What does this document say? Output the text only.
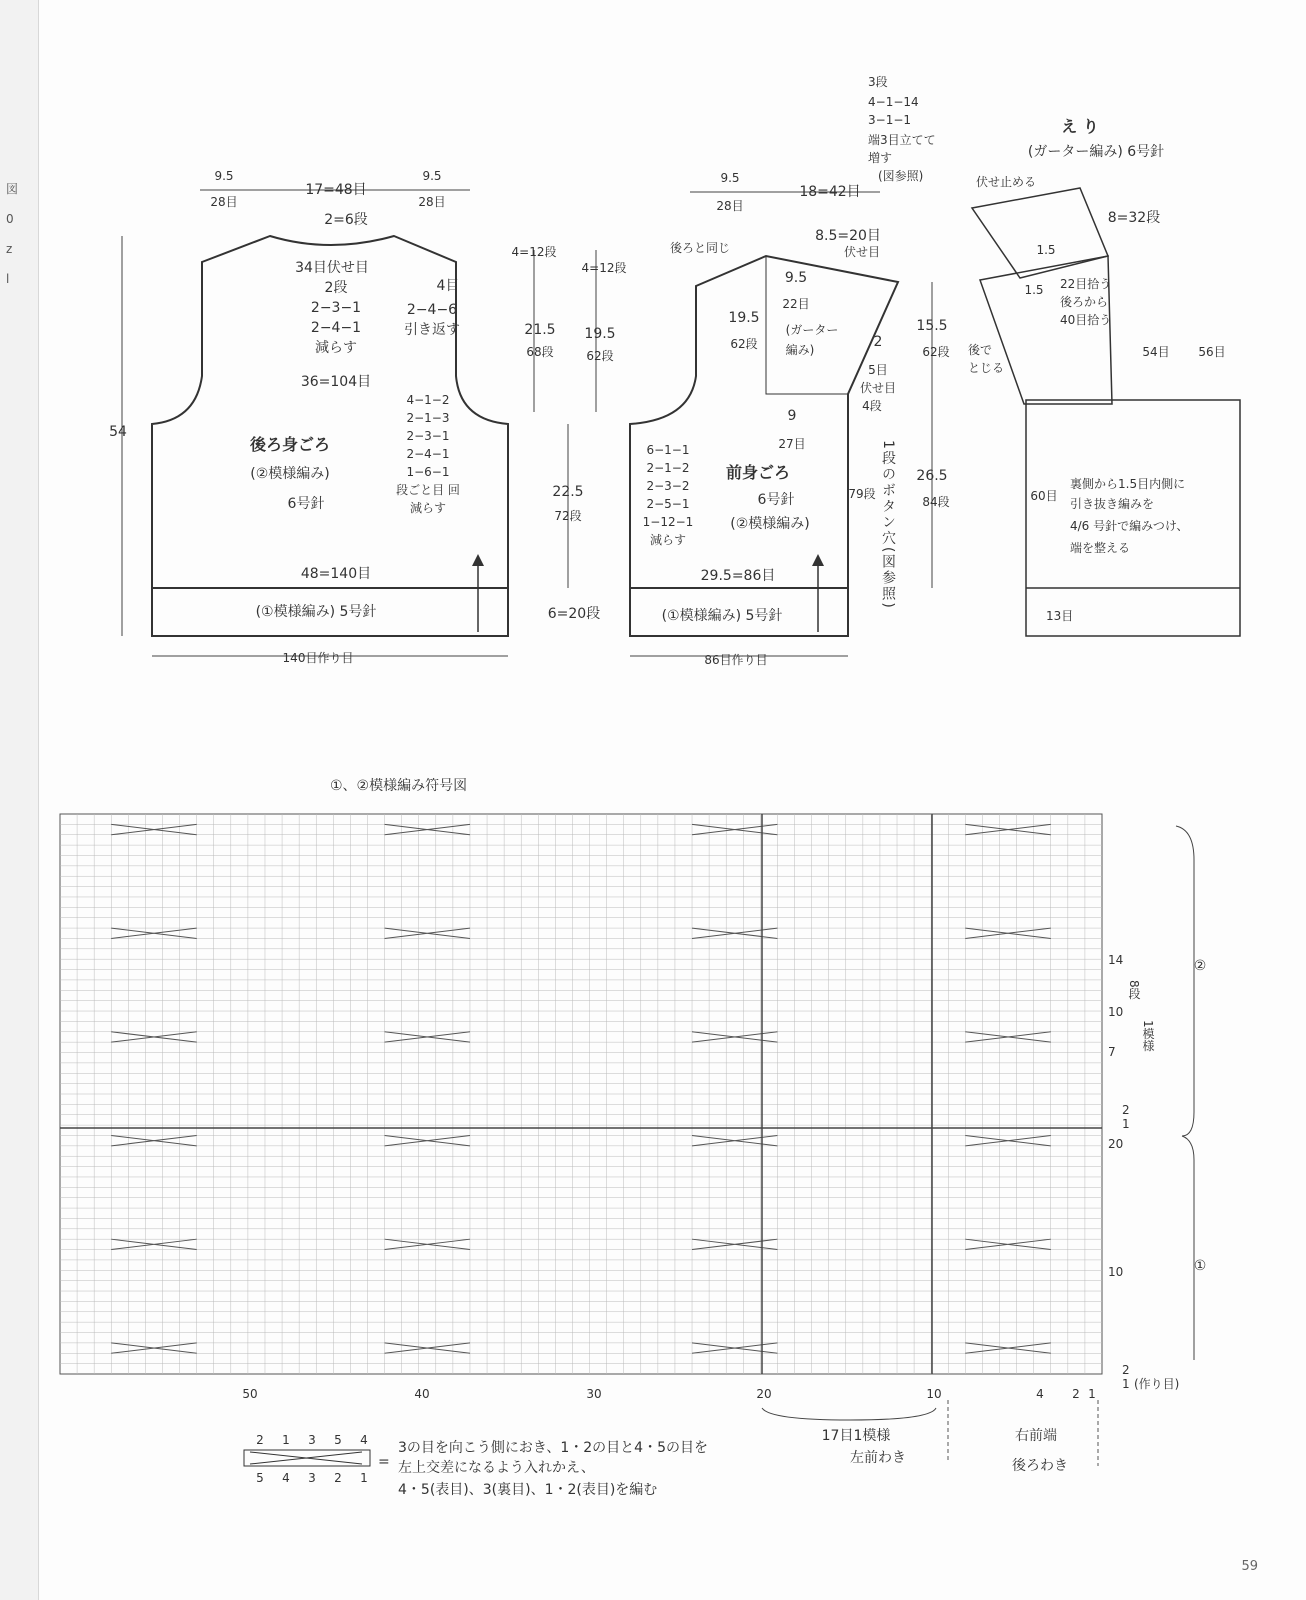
図
0
z
l
9.5
28目
17=48目
9.5
28目
2=6段
34目伏せ目
2段
2−3−1
2−4−1
減らす
4目
2−4−6
引き返す
36=104目
4−1−2
2−1−3
2−3−1
2−4−1
1−6−1
段ごと目 回
減らす
後ろ身ごろ
(②模様編み)
6号針
48=140目
(①模様編み) 5号針
140目作り目
54
4=12段
4=12段
21.5
68段
19.5
62段
22.5
72段
6=20段
9.5
28目
18=42目
後ろと同じ
8.5=20目
伏せ目
9.5
22目
(ガーター
編み)
19.5
62段	2
5目
伏せ目
4段
9
27目
79段
6−1−1
2−1−2
2−3−2
2−5−1
1−12−1
減らす
前身ごろ
6号針
(②模様編み)
29.5=86目
(①模様編み) 5号針
86目作り目
1段のボタン穴(図参照)
3段
4−1−14
3−1−1
端3目立てて
増す
(図参照)
15.5
62段
26.5
84段
え り
(ガーター編み) 6号針
伏せ止める
8=32段
1.5
1.5 22目拾う
後ろから
40目拾う
後で
とじる
54目 56目
60目
13目
裏側から1.5目内側に
引き抜き編みを
4/6 号針で編みつけ、
端を整える
①、②模様編み符号図
14
10
7
2
1
20
10
2
1 (作り目)
8段
1模様
②
①
50	40	30	20	10	4 2 1
17目1模様
左前わき
右前端
後ろわき
2 1 3 5 4
5 4 3 2 1
=
3の目を向こう側におき、1・2の目と4・5の目を
左上交差になるよう入れかえ、
4・5(表目)、3(裏目)、1・2(表目)を編む
59
